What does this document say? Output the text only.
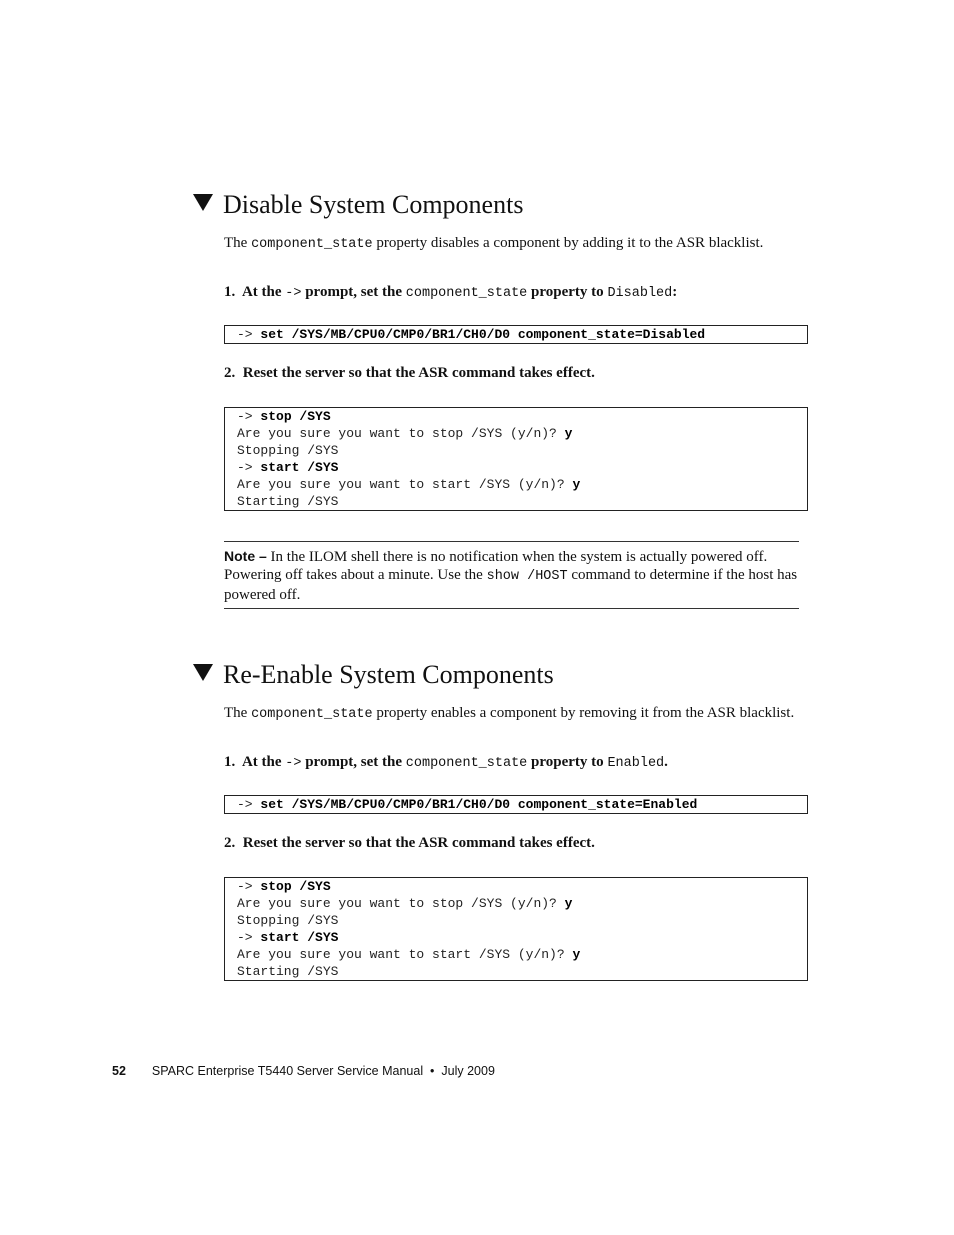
Disable System Components
The component_state property disables a component by adding it to the ASR blacklist.
1. At the -> prompt, set the component_state property to Disabled:
-> set /SYS/MB/CPU0/CMP0/BR1/CH0/D0 component_state=Disabled
2. Reset the server so that the ASR command takes effect.
-> stop /SYS
Are you sure you want to stop /SYS (y/n)? y
Stopping /SYS
-> start /SYS
Are you sure you want to start /SYS (y/n)? y
Starting /SYS
Note – In the ILOM shell there is no notification when the system is actually powered off. Powering off takes about a minute. Use the show /HOST command to determine if the host has powered off.
Re-Enable System Components
The component_state property enables a component by removing it from the ASR blacklist.
1. At the -> prompt, set the component_state property to Enabled.
-> set /SYS/MB/CPU0/CMP0/BR1/CH0/D0 component_state=Enabled
2. Reset the server so that the ASR command takes effect.
-> stop /SYS
Are you sure you want to stop /SYS (y/n)? y
Stopping /SYS
-> start /SYS
Are you sure you want to start /SYS (y/n)? y
Starting /SYS
52 SPARC Enterprise T5440 Server Service Manual • July 2009
